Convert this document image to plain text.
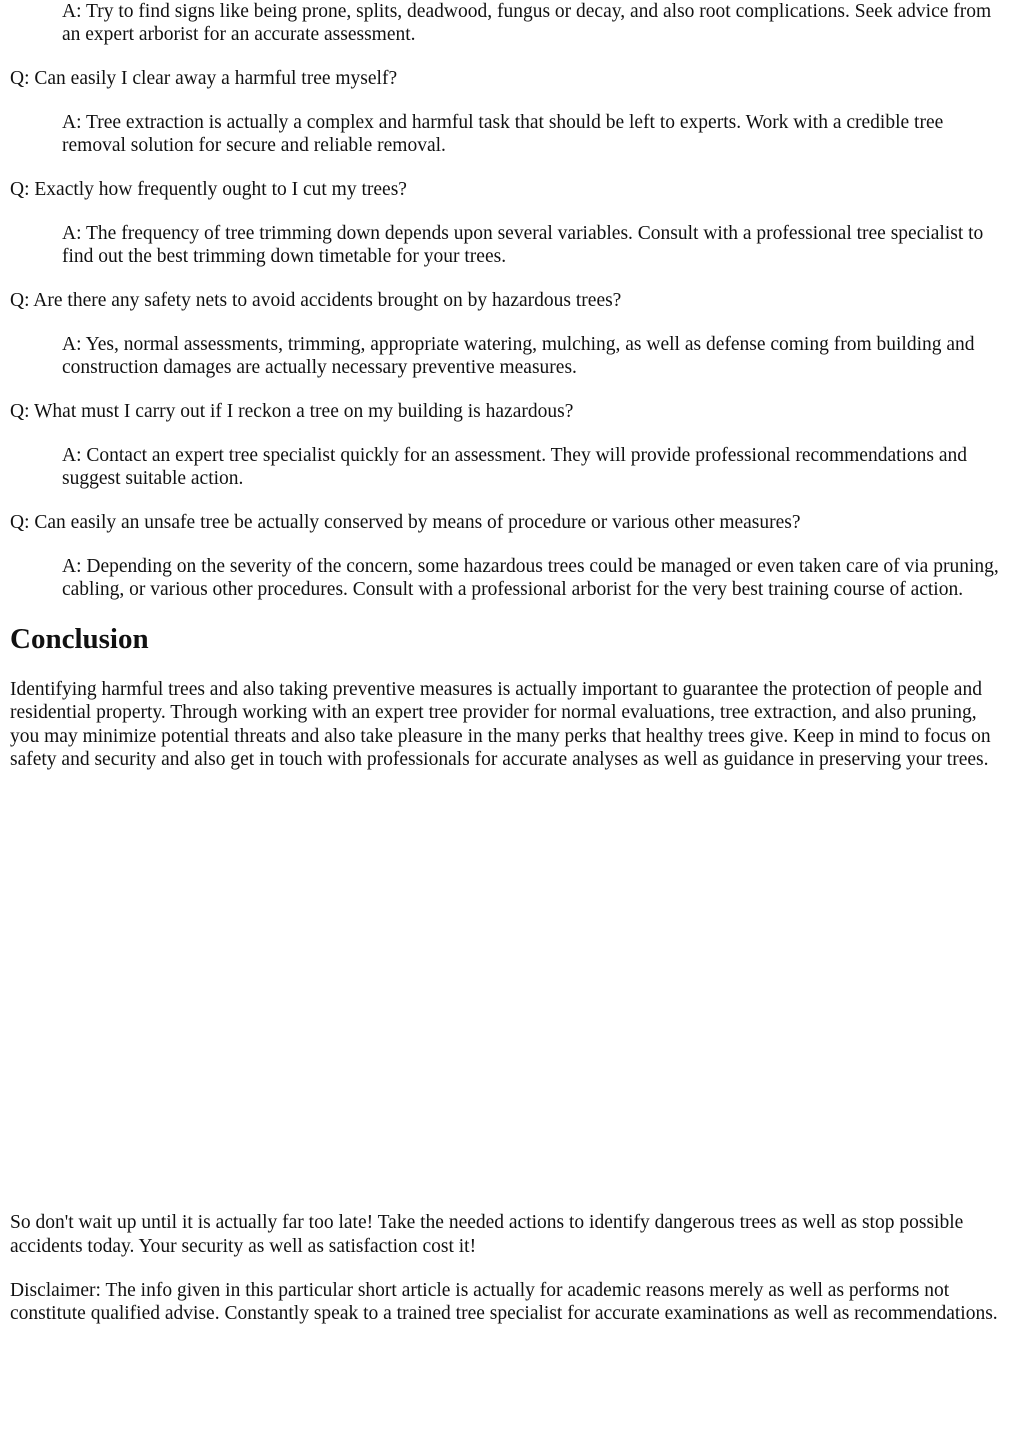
A: Try to find signs like being prone, splits, deadwood, fungus or decay, and also root complications. Seek advice from an expert arborist for an accurate assessment.

Q: Can easily I clear away a harmful tree myself?

A: Tree extraction is actually a complex and harmful task that should be left to experts. Work with a credible tree removal solution for secure and reliable removal.

Q: Exactly how frequently ought to I cut my trees?

A: The frequency of tree trimming down depends upon several variables. Consult with a professional tree specialist to find out the best trimming down timetable for your trees.

Q: Are there any safety nets to avoid accidents brought on by hazardous trees?

A: Yes, normal assessments, trimming, appropriate watering, mulching, as well as defense coming from building and construction damages are actually necessary preventive measures.

Q: What must I carry out if I reckon a tree on my building is hazardous?

A: Contact an expert tree specialist quickly for an assessment. They will provide professional recommendations and suggest suitable action.

Q: Can easily an unsafe tree be actually conserved by means of procedure or various other measures?

A: Depending on the severity of the concern, some hazardous trees could be managed or even taken care of via pruning, cabling, or various other procedures. Consult with a professional arborist for the very best training course of action.

Conclusion

Identifying harmful trees and also taking preventive measures is actually important to guarantee the protection of people and residential property. Through working with an expert tree provider for normal evaluations, tree extraction, and also pruning, you may minimize potential threats and also take pleasure in the many perks that healthy trees give. Keep in mind to focus on safety and security and also get in touch with professionals for accurate analyses as well as guidance in preserving your trees.

So don't wait up until it is actually far too late! Take the needed actions to identify dangerous trees as well as stop possible accidents today. Your security as well as satisfaction cost it!

Disclaimer: The info given in this particular short article is actually for academic reasons merely as well as performs not constitute qualified advise. Constantly speak to a trained tree specialist for accurate examinations as well as recommendations.
